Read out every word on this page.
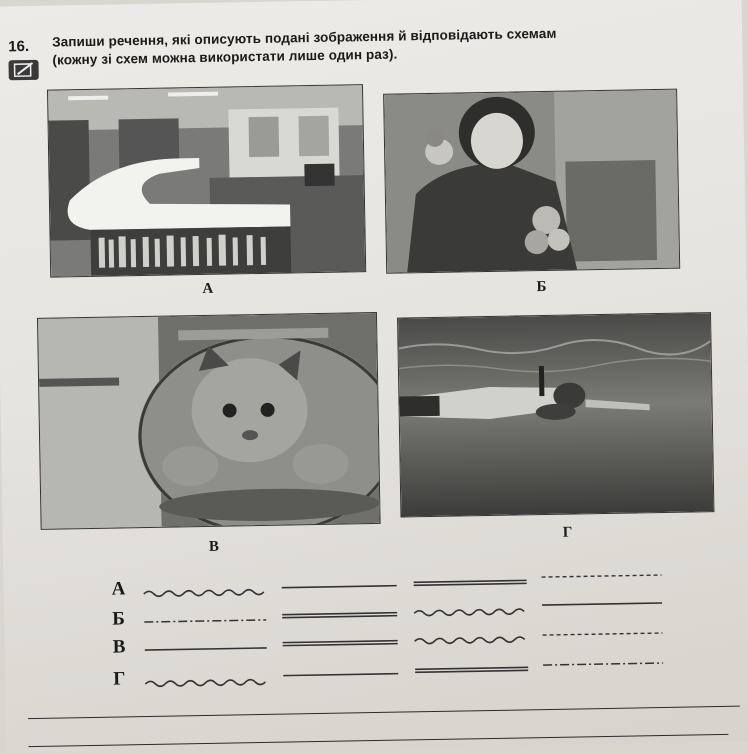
16. Запиши речення, які описують подані зображення й відповідають схемам
(кожну зі схем можна використати лише один раз).
А	Б
В
Г
А
Б
В
Г
